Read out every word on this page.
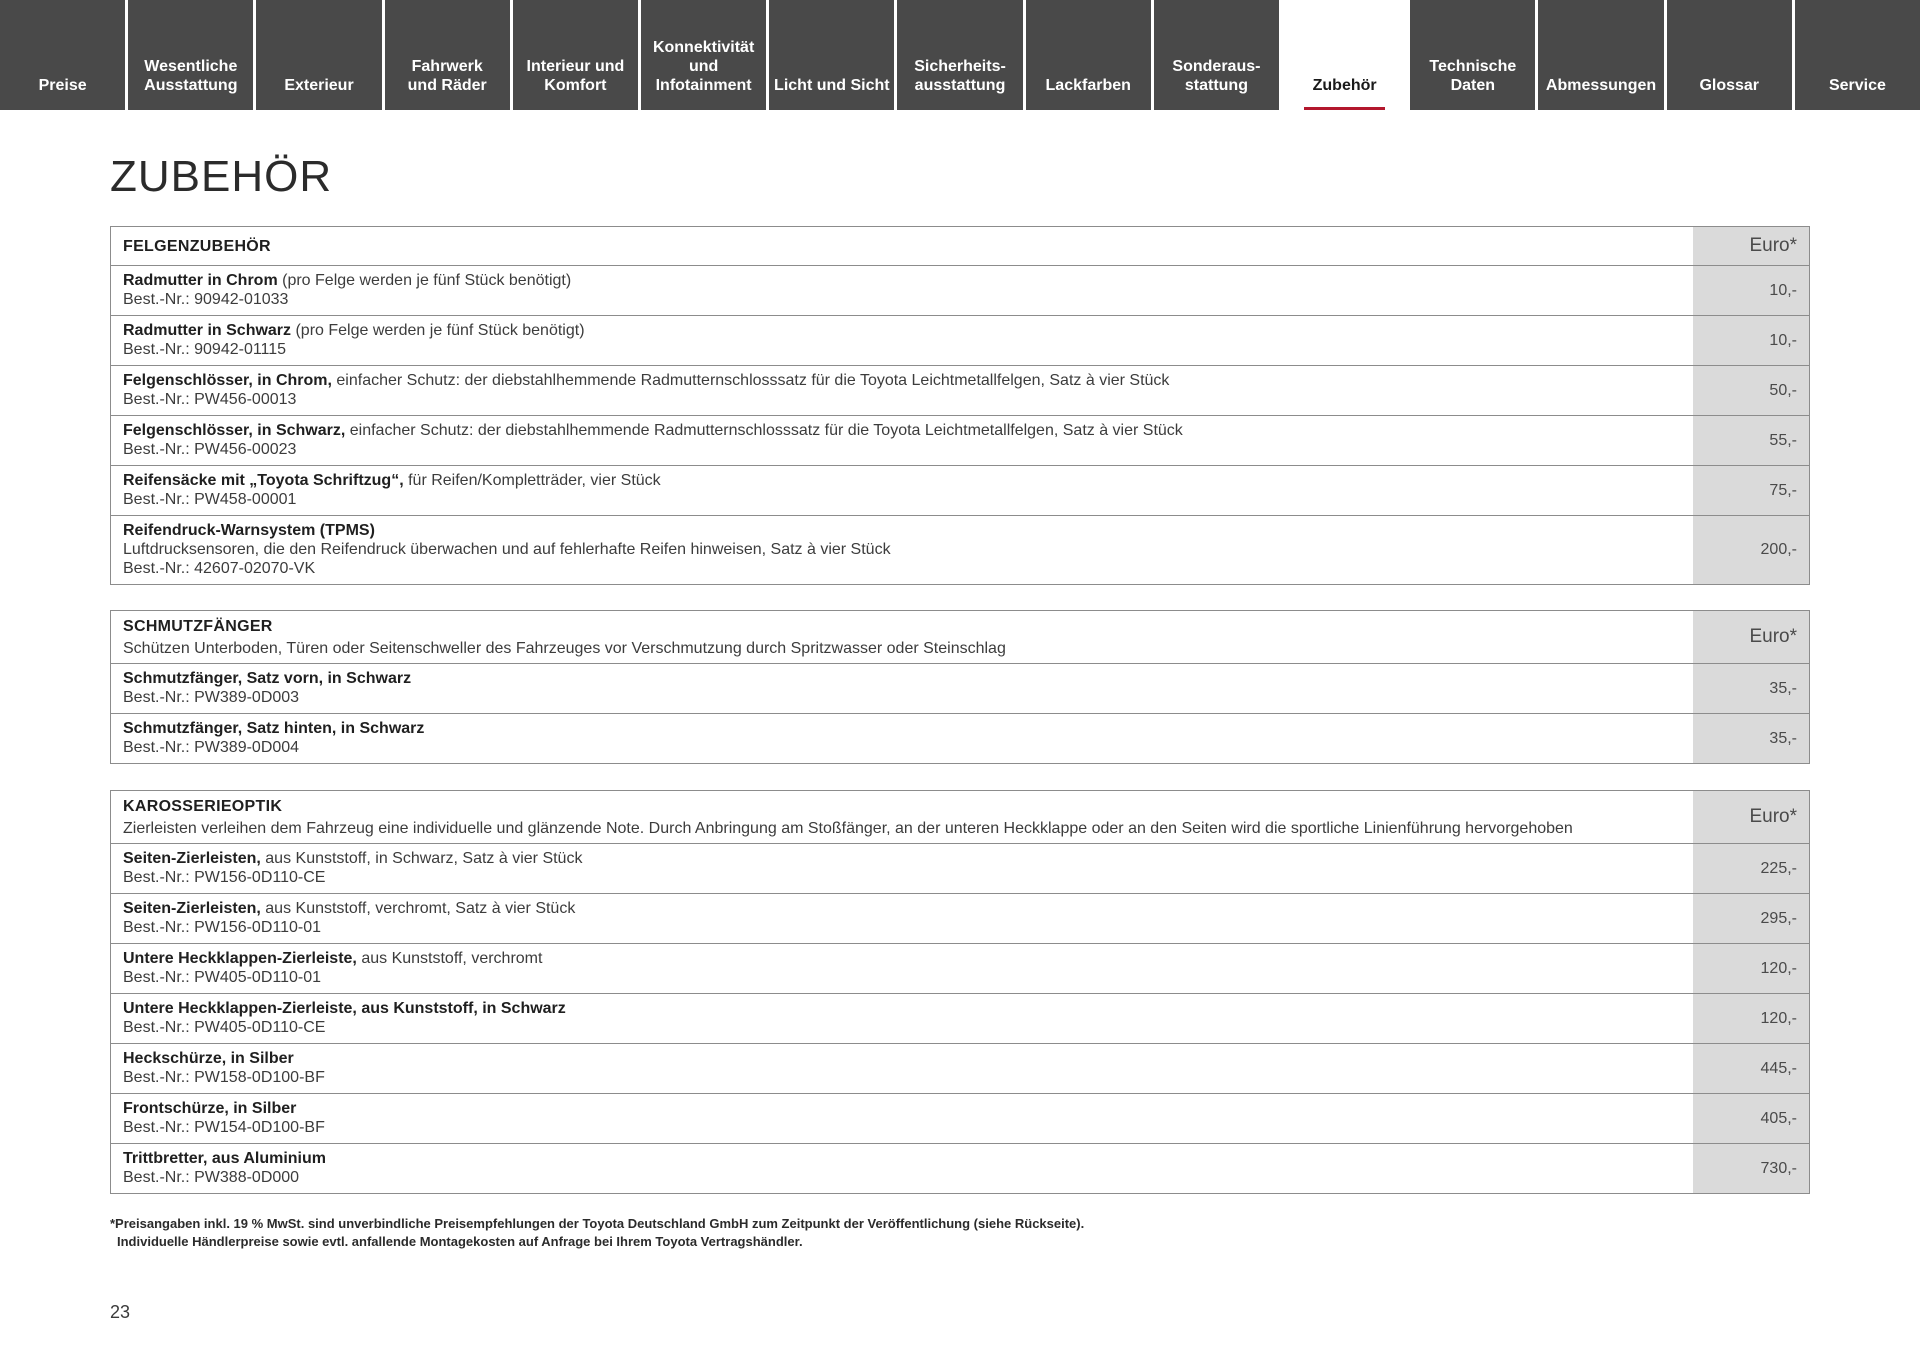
Preise
Wesentliche
Ausstattung	Exterieur
Fahrwerk
und Räder
Interieur und
Komfort
Konnektivität
und
Infotainment	Licht und Sicht
Sicherheits-
ausstattung	Lackfarben
Sonderaus-
stattung	Zubehör
Technische
Daten	Abmessungen	Glossar	Service
ZUBEHÖR
FELGENZUBEHÖR	Euro*
Radmutter in Chrom (pro Felge werden je fünf Stück benötigt)
Best.-Nr.: 90942-01033
10,-
Radmutter in Schwarz (pro Felge werden je fünf Stück benötigt)
Best.-Nr.: 90942-01115
10,-
Felgenschlösser, in Chrom, einfacher Schutz: der diebstahlhemmende Radmutternschlosssatz für die Toyota Leichtmetallfelgen, Satz à vier Stück
Best.-Nr.: PW456-00013
50,-
Felgenschlösser, in Schwarz, einfacher Schutz: der diebstahlhemmende Radmutternschlosssatz für die Toyota Leichtmetallfelgen, Satz à vier Stück
Best.-Nr.: PW456-00023
55,-
Reifensäcke mit „Toyota Schriftzug“, für Reifen/Kompletträder, vier Stück
Best.-Nr.: PW458-00001
75,-
Reifendruck-Warnsystem (TPMS)
Luftdrucksensoren, die den Reifendruck überwachen und auf fehlerhafte Reifen hinweisen, Satz à vier Stück
Best.-Nr.: 42607-02070-VK
200,-
SCHMUTZFÄNGER
Schützen Unterboden, Türen oder Seitenschweller des Fahrzeuges vor Verschmutzung durch Spritzwasser oder Steinschlag
Euro*
Schmutzfänger, Satz vorn, in Schwarz
Best.-Nr.: PW389-0D003
35,-
Schmutzfänger, Satz hinten, in Schwarz
Best.-Nr.: PW389-0D004
35,-
KAROSSERIEOPTIK
Zierleisten verleihen dem Fahrzeug eine individuelle und glänzende Note. Durch Anbringung am Stoßfänger, an der unteren Heckklappe oder an den Seiten wird die sportliche Linienführung hervorgehoben
Euro*
Seiten-Zierleisten, aus Kunststoff, in Schwarz, Satz à vier Stück
Best.-Nr.: PW156-0D110-CE
225,-
Seiten-Zierleisten, aus Kunststoff, verchromt, Satz à vier Stück
Best.-Nr.: PW156-0D110-01
295,-
Untere Heckklappen-Zierleiste, aus Kunststoff, verchromt
Best.-Nr.: PW405-0D110-01
120,-
Untere Heckklappen-Zierleiste, aus Kunststoff, in Schwarz
Best.-Nr.: PW405-0D110-CE
120,-
Heckschürze, in Silber
Best.-Nr.: PW158-0D100-BF
445,-
Frontschürze, in Silber
Best.-Nr.: PW154-0D100-BF
405,-
Trittbretter, aus Aluminium
Best.-Nr.: PW388-0D000
730,-
*Preisangaben inkl. 19 % MwSt. sind unverbindliche Preisempfehlungen der Toyota Deutschland GmbH zum Zeitpunkt der Veröffentlichung (siehe Rückseite).
Individuelle Händlerpreise sowie evtl. anfallende Montagekosten auf Anfrage bei Ihrem Toyota Vertragshändler.
23
